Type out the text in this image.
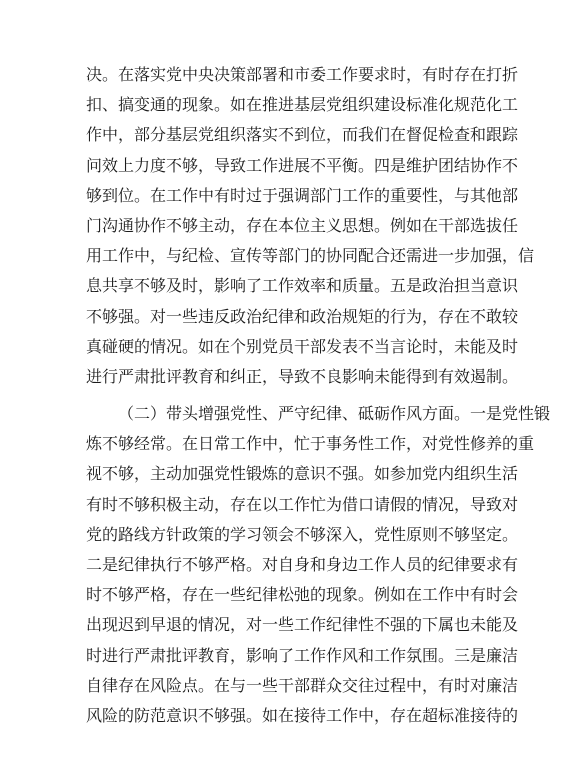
决。在落实党中央决策部署和市委工作要求时，有时存在打折
扣、搞变通的现象。如在推进基层党组织建设标准化规范化工
作中，部分基层党组织落实不到位，而我们在督促检查和跟踪
问效上力度不够，导致工作进展不平衡。四是维护团结协作不
够到位。在工作中有时过于强调部门工作的重要性，与其他部
门沟通协作不够主动，存在本位主义思想。例如在干部选拔任
用工作中，与纪检、宣传等部门的协同配合还需进一步加强，信
息共享不够及时，影响了工作效率和质量。五是政治担当意识
不够强。对一些违反政治纪律和政治规矩的行为，存在不敢较
真碰硬的情况。如在个别党员干部发表不当言论时，未能及时
进行严肃批评教育和纠正，导致不良影响未能得到有效遏制。
（二）带头增强党性、严守纪律、砥砺作风方面。一是党性锻
炼不够经常。在日常工作中，忙于事务性工作，对党性修养的重
视不够，主动加强党性锻炼的意识不强。如参加党内组织生活
有时不够积极主动，存在以工作忙为借口请假的情况，导致对
党的路线方针政策的学习领会不够深入，党性原则不够坚定。
二是纪律执行不够严格。对自身和身边工作人员的纪律要求有
时不够严格，存在一些纪律松弛的现象。例如在工作中有时会
出现迟到早退的情况，对一些工作纪律性不强的下属也未能及
时进行严肃批评教育，影响了工作作风和工作氛围。三是廉洁
自律存在风险点。在与一些干部群众交往过程中，有时对廉洁
风险的防范意识不够强。如在接待工作中，存在超标准接待的
